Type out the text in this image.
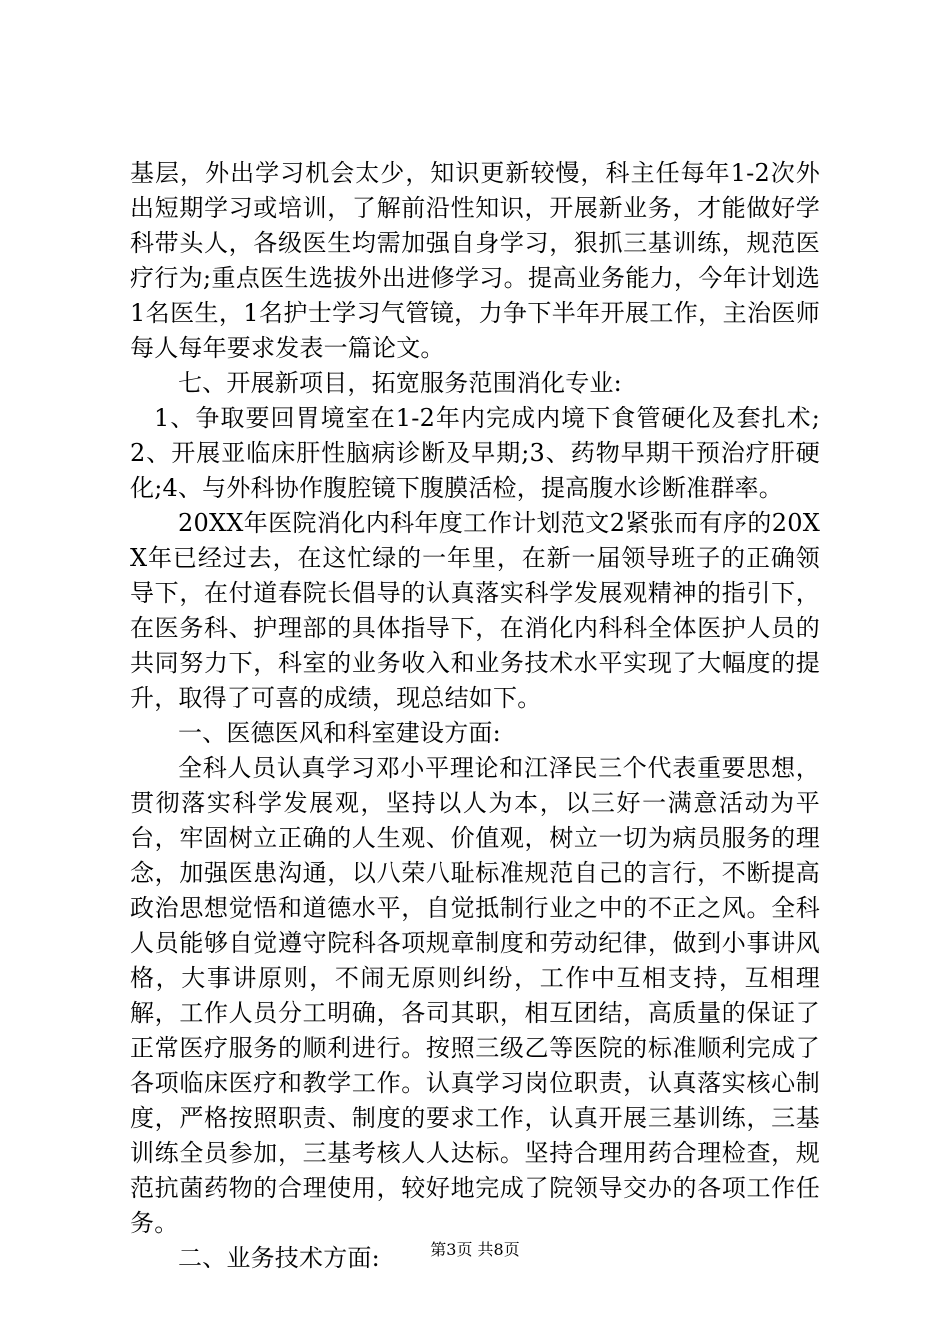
基层，外出学习机会太少，知识更新较慢，科主任每年1-2次外出短期学习或培训，了解前沿性知识，开展新业务，才能做好学科带头人，各级医生均需加强自身学习，狠抓三基训练，规范医疗行为;重点医生选拔外出进修学习。提高业务能力，今年计划选1名医生，1名护士学习气管镜，力争下半年开展工作，主治医师每人每年要求发表一篇论文。

七、开展新项目，拓宽服务范围消化专业:

1、争取要回胃境室在1-2年内完成内境下食管硬化及套扎术;2、开展亚临床肝性脑病诊断及早期;3、药物早期干预治疗肝硬化;4、与外科协作腹腔镜下腹膜活检，提高腹水诊断准群率。

20XX年医院消化内科年度工作计划范文2紧张而有序的20XX年已经过去，在这忙绿的一年里，在新一届领导班子的正确领导下，在付道春院长倡导的认真落实科学发展观精神的指引下，在医务科、护理部的具体指导下，在消化内科科全体医护人员的共同努力下，科室的业务收入和业务技术水平实现了大幅度的提升，取得了可喜的成绩，现总结如下。

一、医德医风和科室建设方面:

全科人员认真学习邓小平理论和江泽民三个代表重要思想，贯彻落实科学发展观，坚持以人为本，以三好一满意活动为平台，牢固树立正确的人生观、价值观，树立一切为病员服务的理念，加强医患沟通，以八荣八耻标准规范自己的言行，不断提高政治思想觉悟和道德水平，自觉抵制行业之中的不正之风。全科人员能够自觉遵守院科各项规章制度和劳动纪律，做到小事讲风格，大事讲原则，不闹无原则纠纷，工作中互相支持，互相理解，工作人员分工明确，各司其职，相互团结，高质量的保证了正常医疗服务的顺利进行。按照三级乙等医院的标准顺利完成了各项临床医疗和教学工作。认真学习岗位职责，认真落实核心制度，严格按照职责、制度的要求工作，认真开展三基训练，三基训练全员参加，三基考核人人达标。坚持合理用药合理检查，规范抗菌药物的合理使用，较好地完成了院领导交办的各项工作任务。

二、业务技术方面:	第3页 共8页
